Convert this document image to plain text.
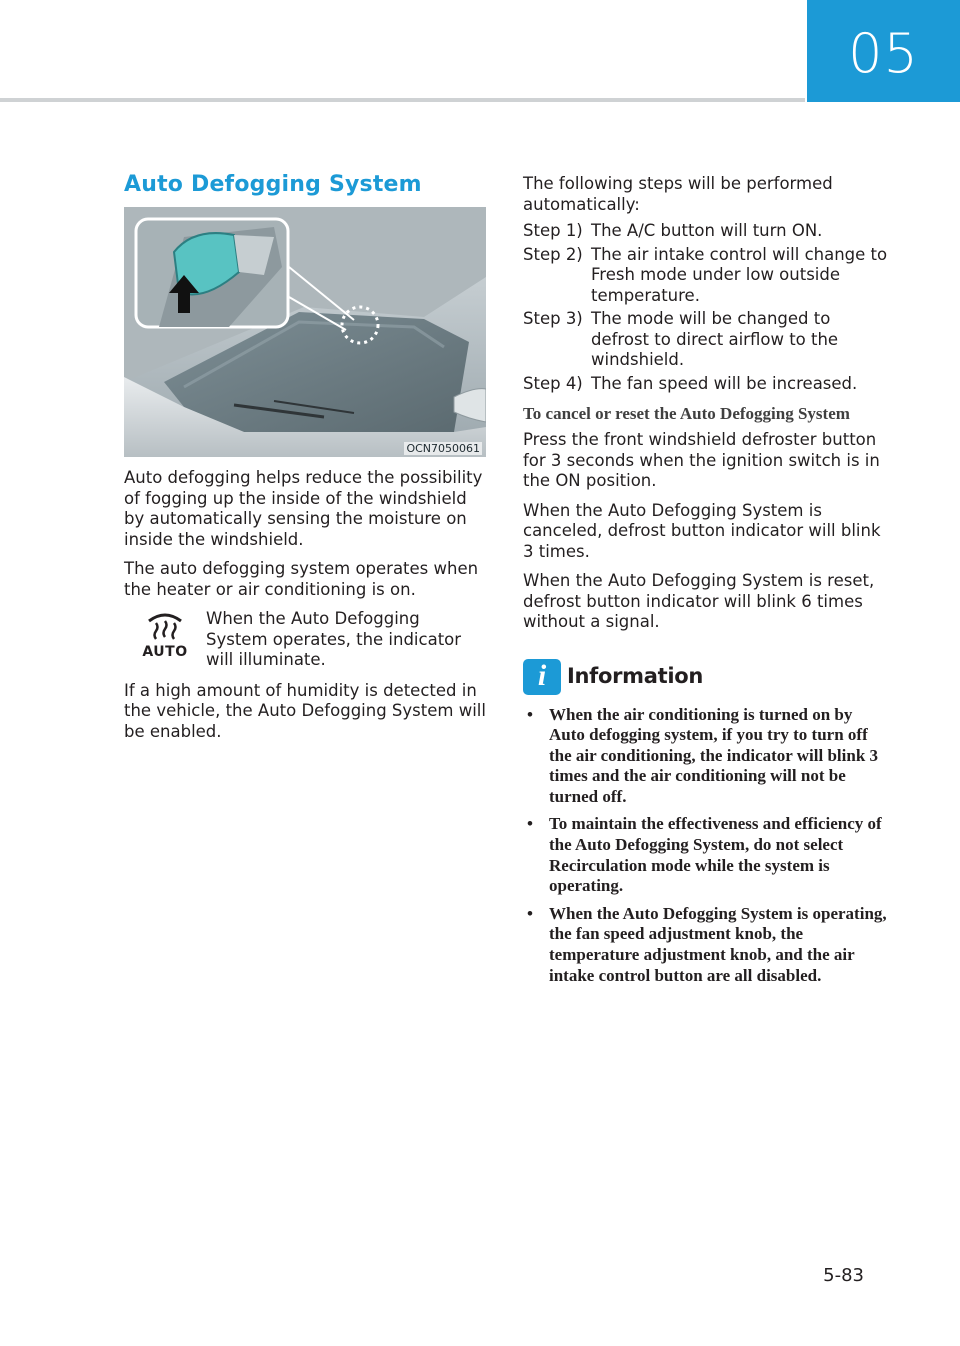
05
Auto Defogging System
OCN7050061

Auto defogging helps reduce the possibility of fogging up the inside of the windshield by automatically sensing the moisture on inside the windshield.

The auto defogging system operates when the heater or air conditioning is on.

AUTO
When the Auto Defogging System operates, the indicator will illuminate.

If a high amount of humidity is detected in the vehicle, the Auto Defogging System will be enabled.

The following steps will be performed automatically:

Step 1) The A/C button will turn ON.
Step 2) The air intake control will change to Fresh mode under low outside temperature.
Step 3) The mode will be changed to defrost to direct airflow to the windshield.
Step 4) The fan speed will be increased.
To cancel or reset the Auto Defogging System

Press the front windshield defroster button for 3 seconds when the ignition switch is in the ON position.

When the Auto Defogging System is canceled, defrost button indicator will blink 3 times.

When the Auto Defogging System is reset, defrost button indicator will blink 6 times without a signal.

i Information
• When the air conditioning is turned on by Auto defogging system, if you try to turn off the air conditioning, the indicator will blink 3 times and the air conditioning will not be turned off.
• To maintain the effectiveness and efficiency of the Auto Defogging System, do not select Recirculation mode while the system is operating.
• When the Auto Defogging System is operating, the fan speed adjustment knob, the temperature adjustment knob, and the air intake control button are all disabled.
5-83
